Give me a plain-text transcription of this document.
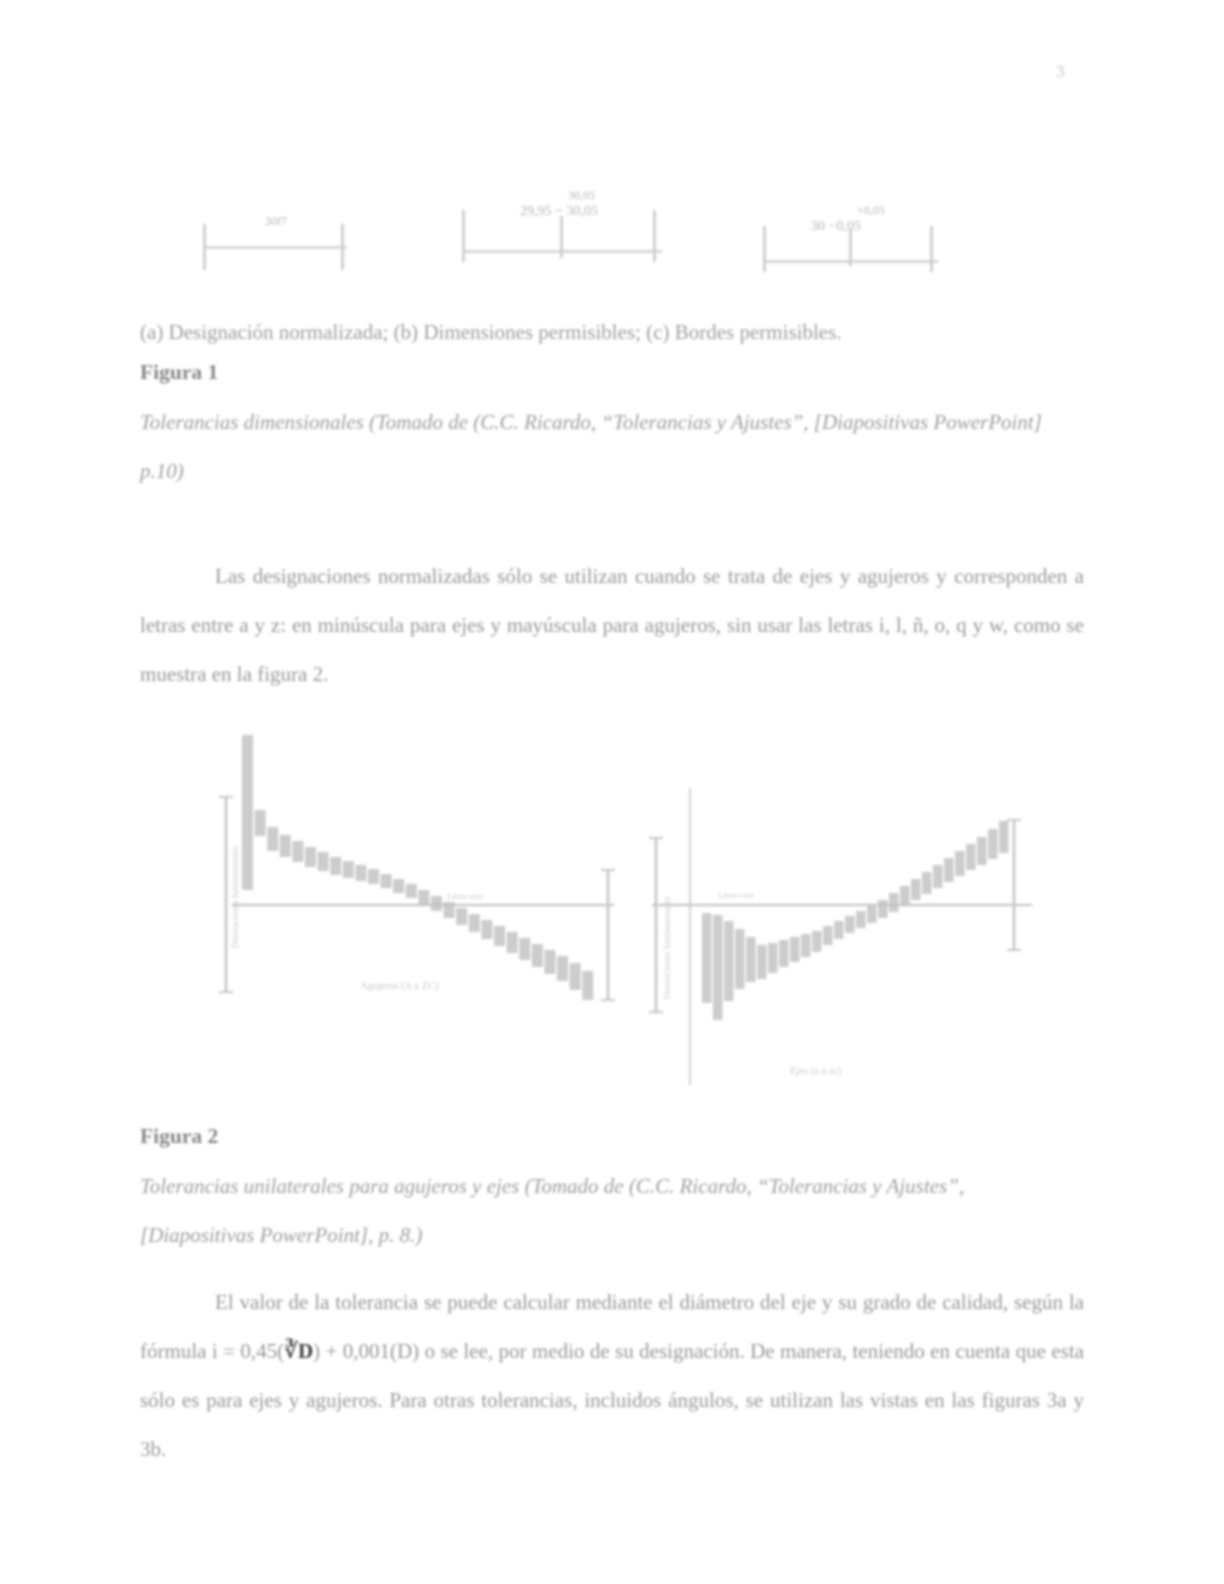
3
30f7
30,05
29,95 − 30,05	+0,05
30 −0,05
(a) Designación normalizada; (b) Dimensiones permisibles; (c) Bordes permisibles.
Figura 1
Tolerancias dimensionales (Tomado de (C.C. Ricardo, “Tolerancias y Ajustes”, [Diapositivas PowerPoint] p.10)
Las designaciones normalizadas sólo se utilizan cuando se trata de ejes y agujeros y corresponden a letras entre a y z: en minúscula para ejes y mayúscula para agujeros, sin usar las letras i, l, ñ, o, q y w, como se muestra en la figura 2.
Desviaciones fundamentales	Línea cero
Agujeros (A a ZC)	Desviaciones fundamentales
Línea cero
Ejes (a a zc)
Figura 2
Tolerancias unilaterales para agujeros y ejes (Tomado de (C.C. Ricardo, “Tolerancias y Ajustes”, [Diapositivas PowerPoint], p. 8.)
El valor de la tolerancia se puede calcular mediante el diámetro del eje y su grado de calidad, según la fórmula i = 0,45(∛D) + 0,001(D) o se lee, por medio de su designación. De manera, teniendo en cuenta que esta sólo es para ejes y agujeros. Para otras tolerancias, incluidos ángulos, se utilizan las vistas en las figuras 3a y 3b.
